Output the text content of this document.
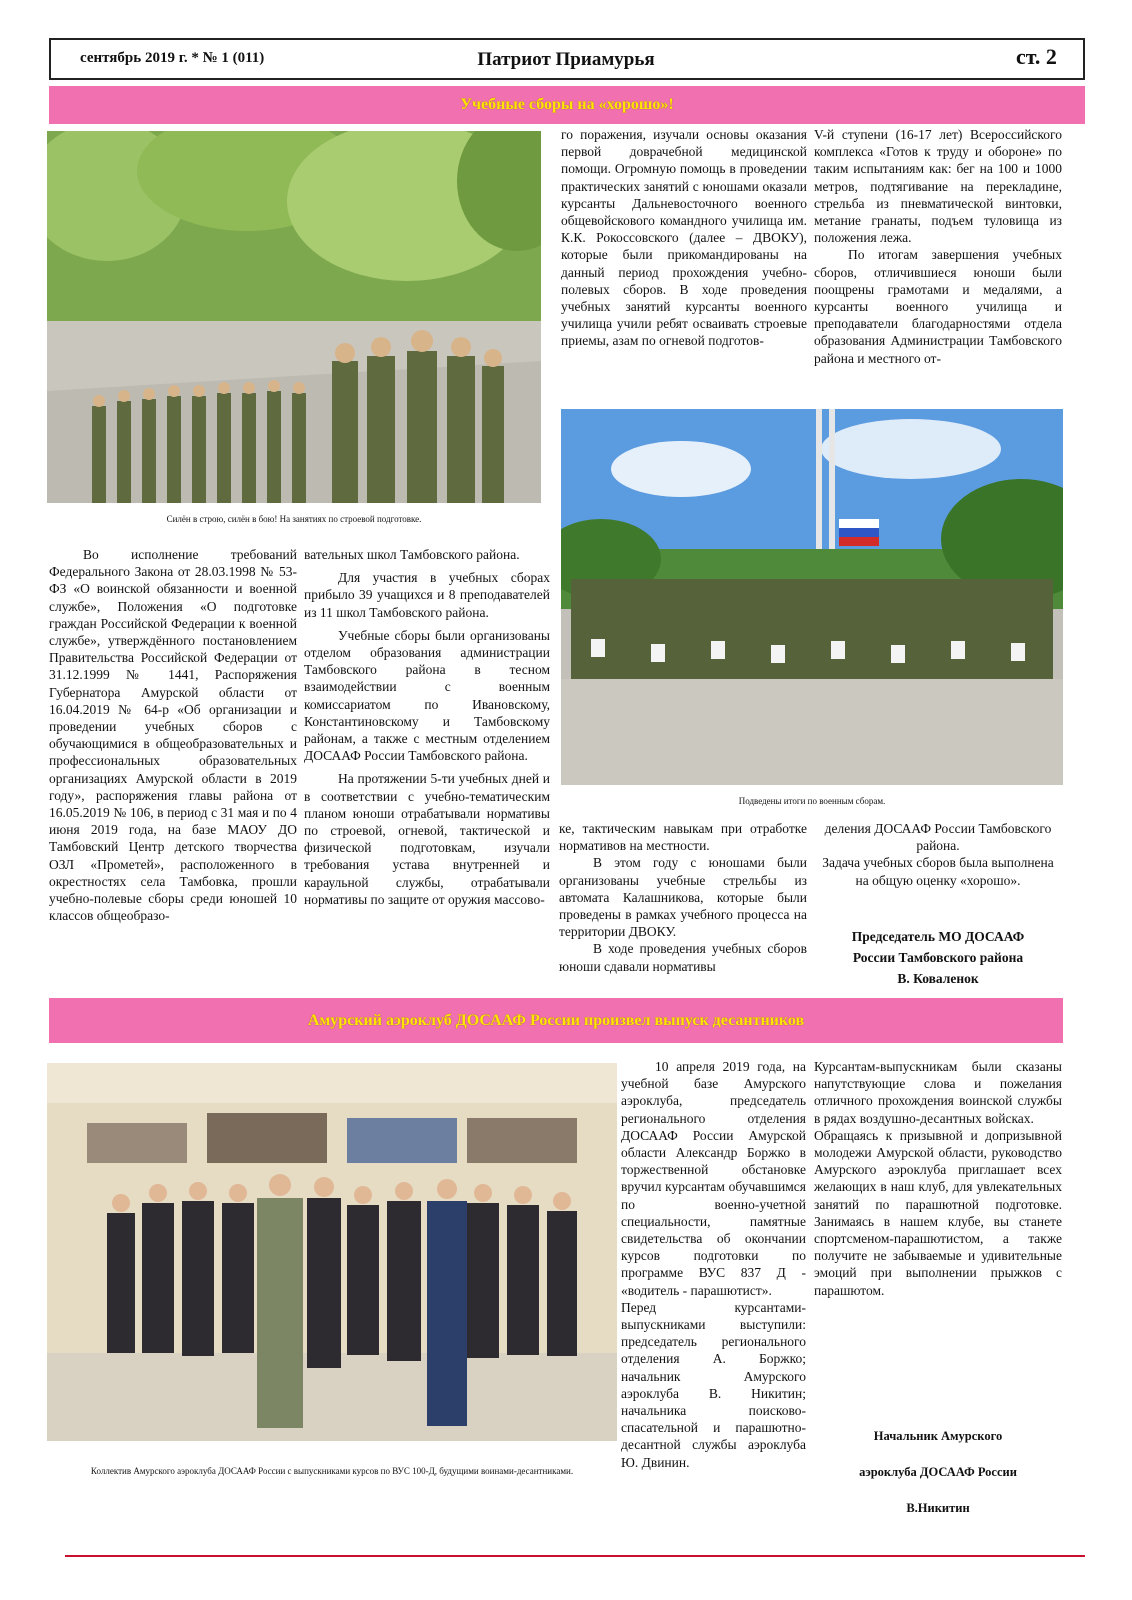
сентябрь 2019 г. * № 1 (011)	Патриот Приамурья	ст. 2
Учебные сборы на «хорошо»!
Силён в строю, силён в бою! На занятиях по строевой подготовке.
Подведены итоги по военным сборам.

го поражения, изучали основы оказания первой доврачебной медицинской помощи. Огромную помощь в проведении практических занятий с юношами оказали курсанты Дальневосточного военного общевойскового командного училища им. К.К. Рокоссовского (далее – ДВОКУ), которые были прикомандированы на данный период прохождения учебно-полевых сборов. В ходе проведения учебных занятий курсанты военного училища учили ребят осваивать строевые приемы, азам по огневой подготов-

V-й ступени (16-17 лет) Всероссийского комплекса «Готов к труду и обороне» по таким испытаниям как: бег на 100 и 1000 метров, подтягивание на перекладине, стрельба из пневматической винтовки, метание гранаты, подъем туловища из положения лежа.

По итогам завершения учебных сборов, отличившиеся юноши были поощрены грамотами и медалями, а курсанты военного училища и преподаватели благодарностями отдела образования Администрации Тамбовского района и местного от-

Во исполнение требований Федерального Закона от 28.03.1998 № 53-ФЗ «О воинской обязанности и военной службе», Положения «О подготовке граждан Российской Федерации к военной службе», утверждённого постановлением Правительства Российской Федерации от 31.12.1999 № 1441, Распоряжения Губернатора Амурской области от 16.04.2019 № 64-р «Об организации и проведении учебных сборов с обучающимися в общеобразовательных и профессиональных образовательных организациях Амурской области в 2019 году», распоряжения главы района от 16.05.2019 № 106, в период с 31 мая и по 4 июня 2019 года, на базе МАОУ ДО Тамбовский Центр детского творчества ОЗЛ «Прометей», расположенного в окрестностях села Тамбовка, прошли учебно-полевые сборы среди юношей 10 классов общеобразо-

вательных школ Тамбовского района.

Для участия в учебных сборах прибыло 39 учащихся и 8 преподавателей из 11 школ Тамбовского района.

Учебные сборы были организованы отделом образования администрации Тамбовского района в тесном взаимодействии с военным комиссариатом по Ивановскому, Константиновскому и Тамбовскому районам, а также с местным отделением ДОСААФ России Тамбовского района.

На протяжении 5-ти учебных дней и в соответствии с учебно-тематическим планом юноши отрабатывали нормативы по строевой, огневой, тактической и физической подготовкам, изучали требования устава внутренней и караульной службы, отрабатывали нормативы по защите от оружия массово-

ке, тактическим навыкам при отработке нормативов на местности.

В этом году с юношами были организованы учебные стрельбы из автомата Калашникова, которые были проведены в рамках учебного процесса на территории ДВОКУ.

В ходе проведения учебных сборов юноши сдавали нормативы

деления ДОСААФ России Тамбовского района.

Задача учебных сборов была выполнена на общую оценку «хорошо».

Председатель МО ДОСААФ
России Тамбовского района
В. Коваленок
Амурский аэроклуб ДОСААФ России произвел выпуск десантников
Коллектив Амурского аэроклуба ДОСААФ России с выпускниками курсов по ВУС 100-Д, будущими воинами-десантниками.

10 апреля 2019 года, на учебной базе Амурского аэроклуба, председатель регионального отделения ДОСААФ России Амурской области Александр Боржко в торжественной обстановке вручил курсантам обучавшимся по военно-учетной специальности, памятные свидетельства об окончании курсов подготовки по программе ВУС 837 Д - «водитель - парашютист».

Перед курсантами-выпускниками выступили: председатель регионального отделения А. Боржко; начальник Амурского аэроклуба В. Никитин; начальника поисково-спасательной и парашютно-десантной службы аэроклуба Ю. Двинин.

Курсантам-выпускникам были сказаны напутствующие слова и пожелания отличного прохождения воинской службы в рядах воздушно-десантных войсках.

Обращаясь к призывной и допризывной молодежи Амурской области, руководство Амурского аэроклуба приглашает всех желающих в наш клуб, для увлекательных занятий по парашютной подготовке. Занимаясь в нашем клубе, вы станете спортсменом-парашютистом, а также получите не забываемые и удивительные эмоций при выполнении прыжков с парашютом.

Начальник Амурского
аэроклуба ДОСААФ России
В.Никитин
